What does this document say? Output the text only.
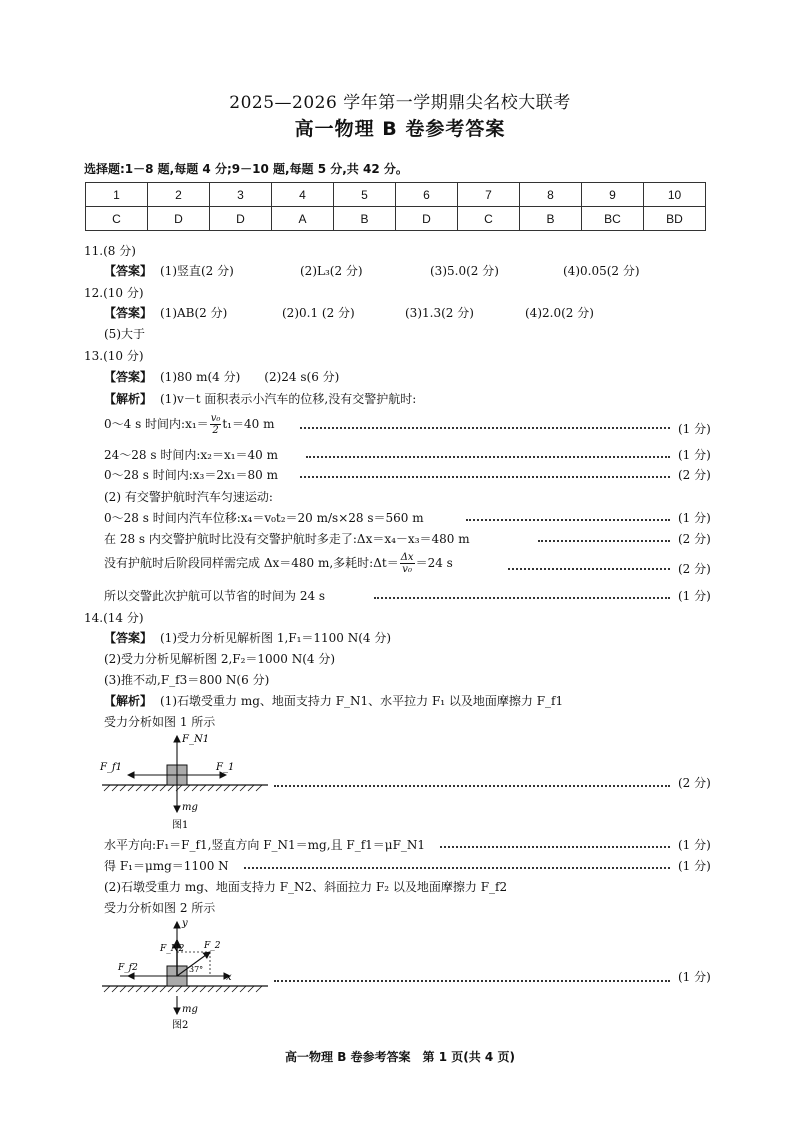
2025—2026 学年第一学期鼎尖名校大联考
高一物理 B 卷参考答案
选择题:1－8 题,每题 4 分;9－10 题,每题 5 分,共 42 分。
1	2	3	4	5	6	7	8	9	10
C	D	D	A	B	D	C	B	BC	BD
11.(8 分)
【答案】 (1)竖直(2 分)	(2)L₃(2 分)	(3)5.0(2 分)	(4)0.05(2 分)
12.(10 分)
【答案】 (1)AB(2 分)	(2)0.1 (2 分)	(3)1.3(2 分)	(4)2.0(2 分)
(5)大于
13.(10 分)
【答案】 (1)80 m(4 分)　　(2)24 s(6 分)
【解析】 (1)v－t 面积表示小汽车的位移,没有交警护航时:
0～4 s 时间内:x₁＝ $\frac{\text{v₀}}{2} t_1=40$ m	(1 分)
24～28 s 时间内:x₂＝x₁＝40 m	(1 分)
0～28 s 时间内:x₃＝2x₁＝80 m	(2 分)
(2) 有交警护航时汽车匀速运动:
0～28 s 时间内汽车位移:x₄＝v₀t₂＝20 m/s×28 s＝560 m	(1 分)
在 28 s 内交警护航时比没有交警护航时多走了:Δx＝x₄－x₃＝480 m	(2 分)
没有护航时后阶段同样需完成 Δx＝480 m,多耗时:Δt＝ $\frac{\Delta x}{\text{v₀}} =24$ s	(2 分)
所以交警此次护航可以节省的时间为 24 s	(1 分)
14.(14 分)
【答案】 (1)受力分析见解析图 1,F₁＝1100 N(4 分)
(2)受力分析见解析图 2,F₂＝1000 N(4 分)
(3)推不动,F_f3＝800 N(6 分)
【解析】 (1)石墩受重力 mg、地面支持力 F_N1、水平拉力 F₁ 以及地面摩擦力 F_f1
受力分析如图 1 所示
F_N1
F_f1	F_1
mg
图1
(2 分)
水平方向:F₁＝F_f1,竖直方向 F_N1＝mg,且 F_f1＝μF_N1	(1 分)
得 F₁＝μmg＝1100 N	(1 分)
(2)石墩受重力 mg、地面支持力 F_N2、斜面拉力 F₂ 以及地面摩擦力 F_f2
受力分析如图 2 所示
y
x
F_N2 F_2
F_f2	37°
mg
图2
(1 分)
高一物理 B 卷参考答案　第 1 页(共 4 页)
